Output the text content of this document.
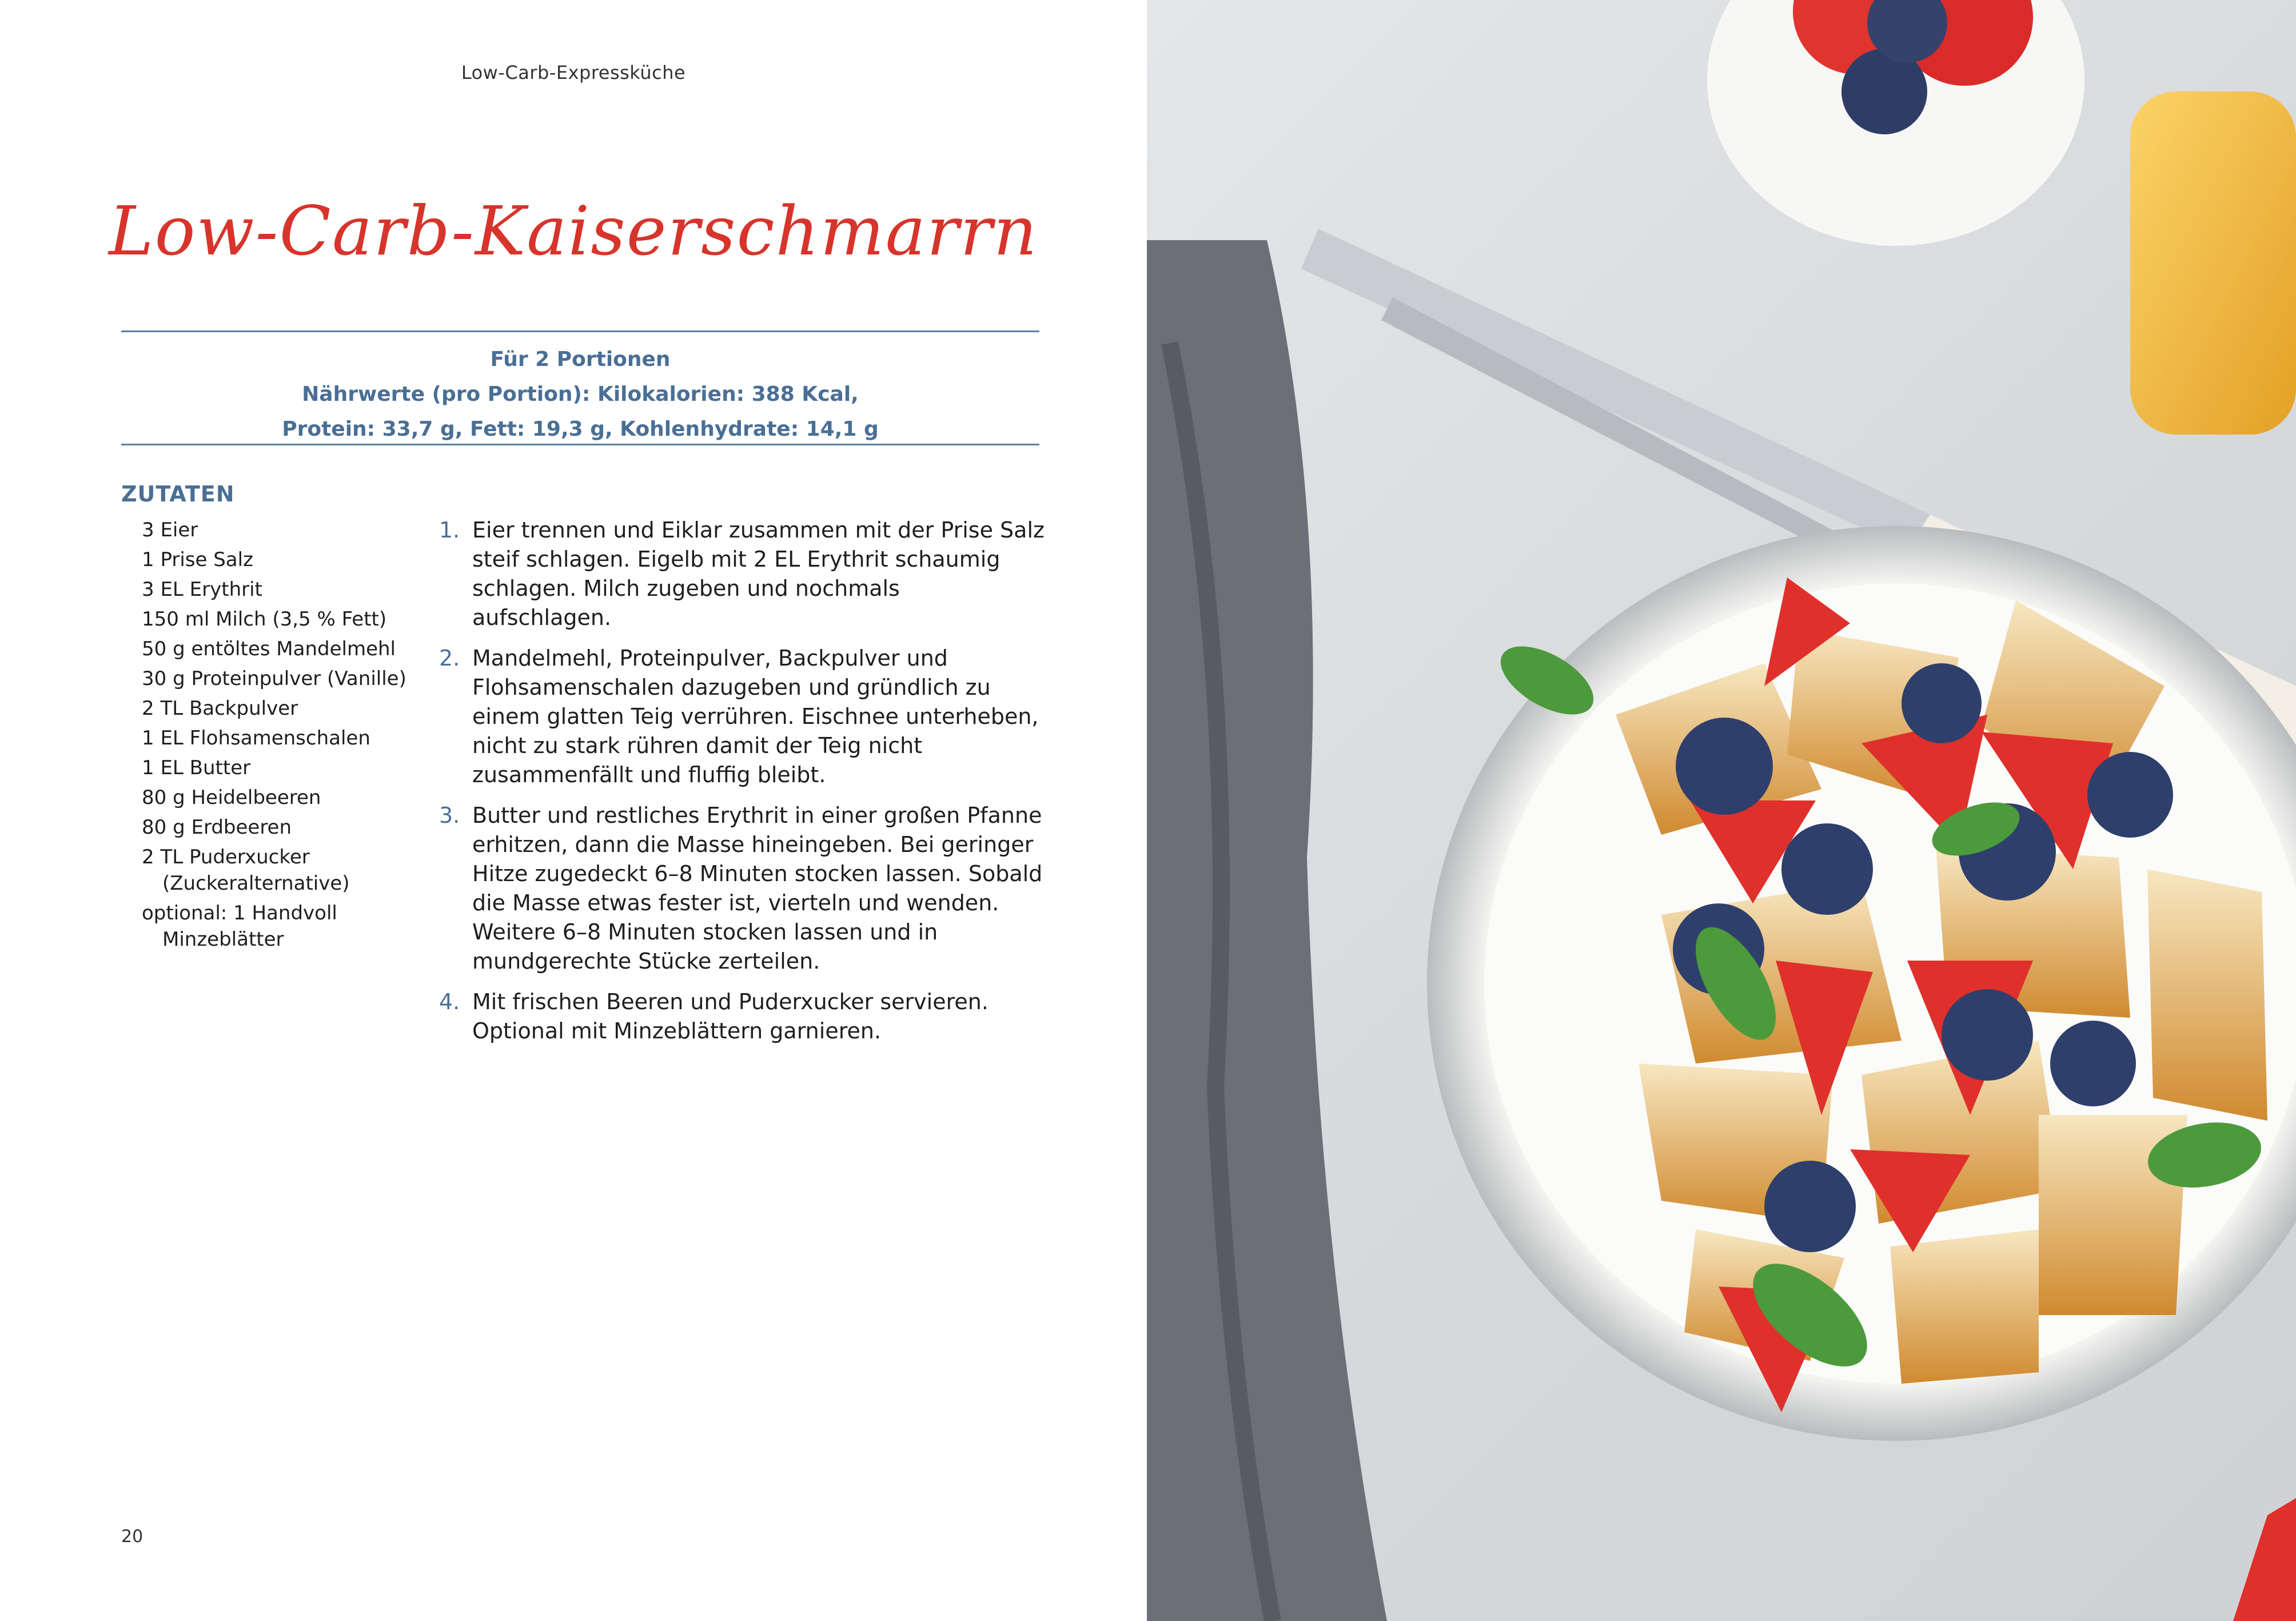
Low-Carb-Expressküche
Low-Carb-Kaiserschmarrn
Für 2 Portionen
Nährwerte (pro Portion): Kilokalorien: 388 Kcal,
Protein: 33,7 g, Fett: 19,3 g, Kohlenhydrate: 14,1 g
ZUTATEN
3 Eier
1 Prise Salz
3 EL Erythrit
150 ml Milch (3,5 % Fett)
50 g entöltes Mandelmehl
30 g Proteinpulver (Vanille)
2 TL Backpulver
1 EL Flohsamenschalen
1 EL Butter
80 g Heidelbeeren
80 g Erdbeeren
2 TL Puderxucker (Zuckeralternative)
optional: 1 Handvoll Minzeblätter
1. Eier trennen und Eiklar zusammen mit der Prise Salz steif schlagen. Eigelb mit 2 EL Erythrit schaumig schlagen. Milch zugeben und nochmals aufschlagen.
2. Mandelmehl, Proteinpulver, Backpulver und Flohsamenschalen dazugeben und gründlich zu einem glatten Teig verrühren. Eischnee unterheben, nicht zu stark rühren damit der Teig nicht zusammenfällt und fluffig bleibt.
3. Butter und restliches Erythrit in einer großen Pfanne erhitzen, dann die Masse hineingeben. Bei geringer Hitze zugedeckt 6–8 Minuten stocken lassen. Sobald die Masse etwas fester ist, vierteln und wenden. Weitere 6–8 Minuten stocken lassen und in mundgerechte Stücke zerteilen.
4. Mit frischen Beeren und Puderxucker servieren. Optional mit Minzeblättern garnieren.
20
